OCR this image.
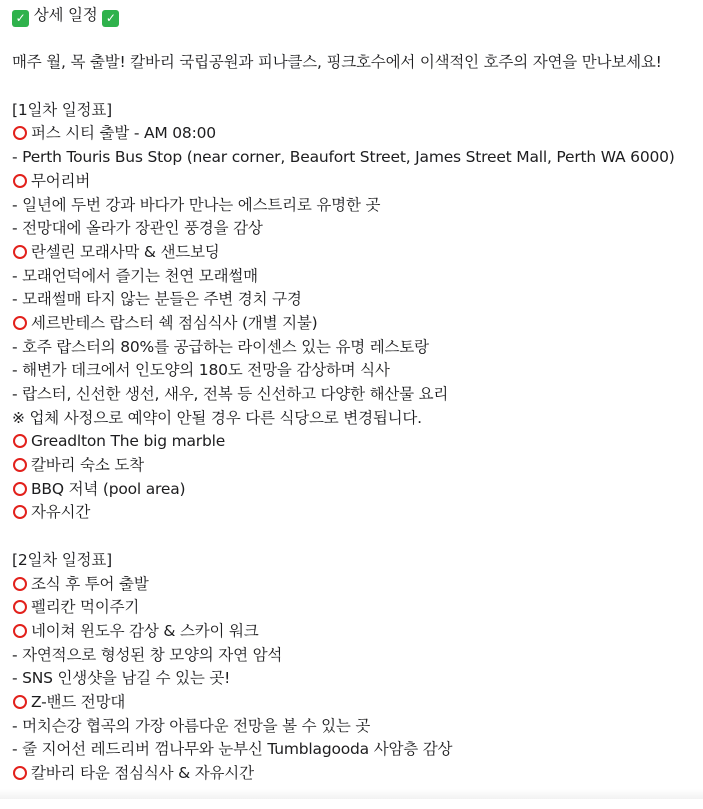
✓ 상세 일정 ✓
매주 월, 목 출발! 칼바리 국립공원과 피나클스, 핑크호수에서 이색적인 호주의 자연을 만나보세요!
[1일차 일정표]
퍼스 시티 출발 - AM 08:00
- Perth Touris Bus Stop (near corner, Beaufort Street, James Street Mall, Perth WA 6000)
무어리버
- 일년에 두번 강과 바다가 만나는 에스트리로 유명한 곳
- 전망대에 올라가 장관인 풍경을 감상
란셀린 모래사막 & 샌드보딩
- 모래언덕에서 즐기는 천연 모래썰매
- 모래썰매 타지 않는 분들은 주변 경치 구경
세르반테스 랍스터 쉑 점심식사 (개별 지불)
- 호주 랍스터의 80%를 공급하는 라이센스 있는 유명 레스토랑
- 해변가 데크에서 인도양의 180도 전망을 감상하며 식사
- 랍스터, 신선한 생선, 새우, 전복 등 신선하고 다양한 해산물 요리
※ 업체 사정으로 예약이 안될 경우 다른 식당으로 변경됩니다.
Greadlton The big marble
칼바리 숙소 도착
BBQ 저녁 (pool area)
자유시간
[2일차 일정표]
조식 후 투어 출발
펠리칸 먹이주기
네이쳐 윈도우 감상 & 스카이 워크
- 자연적으로 형성된 창 모양의 자연 암석
- SNS 인생샷을 남길 수 있는 곳!
Z-밴드 전망대
- 머치슨강 협곡의 가장 아름다운 전망을 볼 수 있는 곳
- 줄 지어선 레드리버 껌나무와 눈부신 Tumblagooda 사암층 감상
칼바리 타운 점심식사 & 자유시간
